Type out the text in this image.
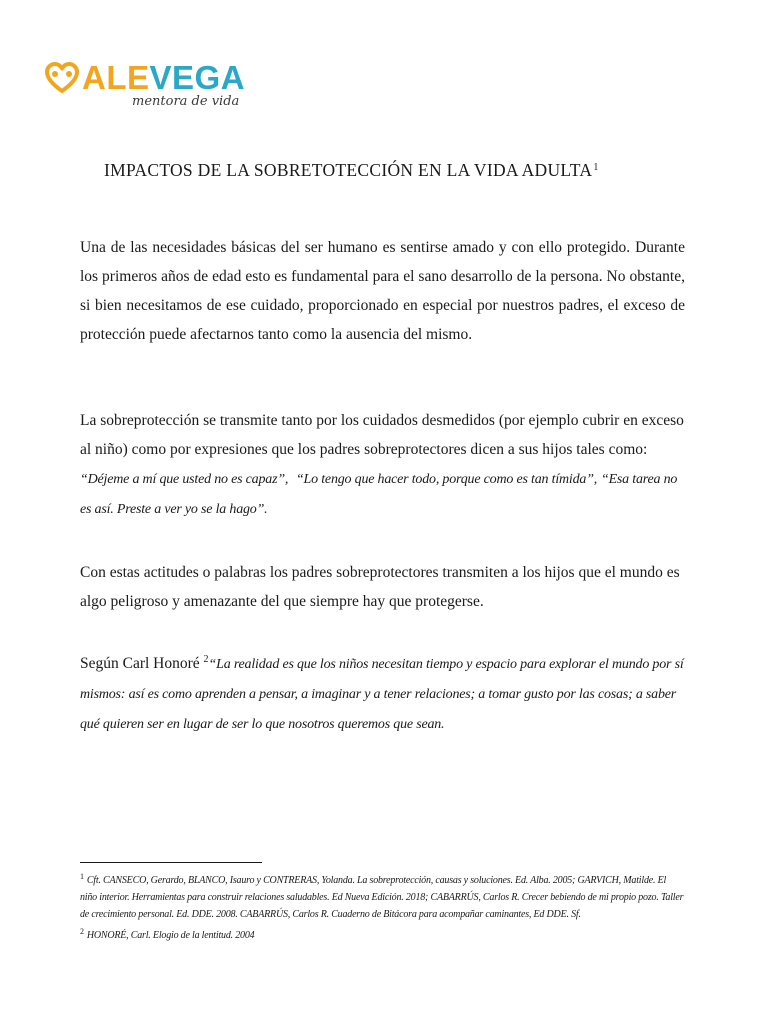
ALEVEGA
mentora de vida
IMPACTOS DE LA SOBRETOTECCIÓN EN LA VIDA ADULTA$^1$
Una de las necesidades básicas del ser humano es sentirse amado y con ello protegido. Durante los primeros años de edad esto es fundamental para el sano desarrollo de la persona. No obstante, si bien necesitamos de ese cuidado, proporcionado en especial por nuestros padres, el exceso de protección puede afectarnos tanto como la ausencia del mismo.
La sobreprotección se transmite tanto por los cuidados desmedidos (por ejemplo cubrir en exceso al niño) como por expresiones que los padres sobreprotectores dicen a sus hijos tales como: “Déjeme a mí que usted no es capaz”, “Lo tengo que hacer todo, porque como es tan tímida”, “Esa tarea no es así. Preste a ver yo se la hago”.
Con estas actitudes o palabras los padres sobreprotectores transmiten a los hijos que el mundo es algo peligroso y amenazante del que siempre hay que protegerse.
Según Carl Honoré $^2$“La realidad es que los niños necesitan tiempo y espacio para explorar el mundo por sí mismos: así es como aprenden a pensar, a imaginar y a tener relaciones; a tomar gusto por las cosas; a saber qué quieren ser en lugar de ser lo que nosotros queremos que sean.

$^1$ Cft. CANSECO, Gerardo, BLANCO, Isauro y CONTRERAS, Yolanda. La sobreprotección, causas y soluciones. Ed. Alba. 2005; GARVICH, Matilde. El niño interior. Herramientas para construir relaciones saludables. Ed Nueva Edición. 2018; CABARRÚS, Carlos R. Crecer bebiendo de mi propio pozo. Taller de crecimiento personal. Ed. DDE. 2008. CABARRÚS, Carlos R. Cuaderno de Bitácora para acompañar caminantes, Ed DDE. Sf.

$^2$ HONORÉ, Carl. Elogio de la lentitud. 2004
